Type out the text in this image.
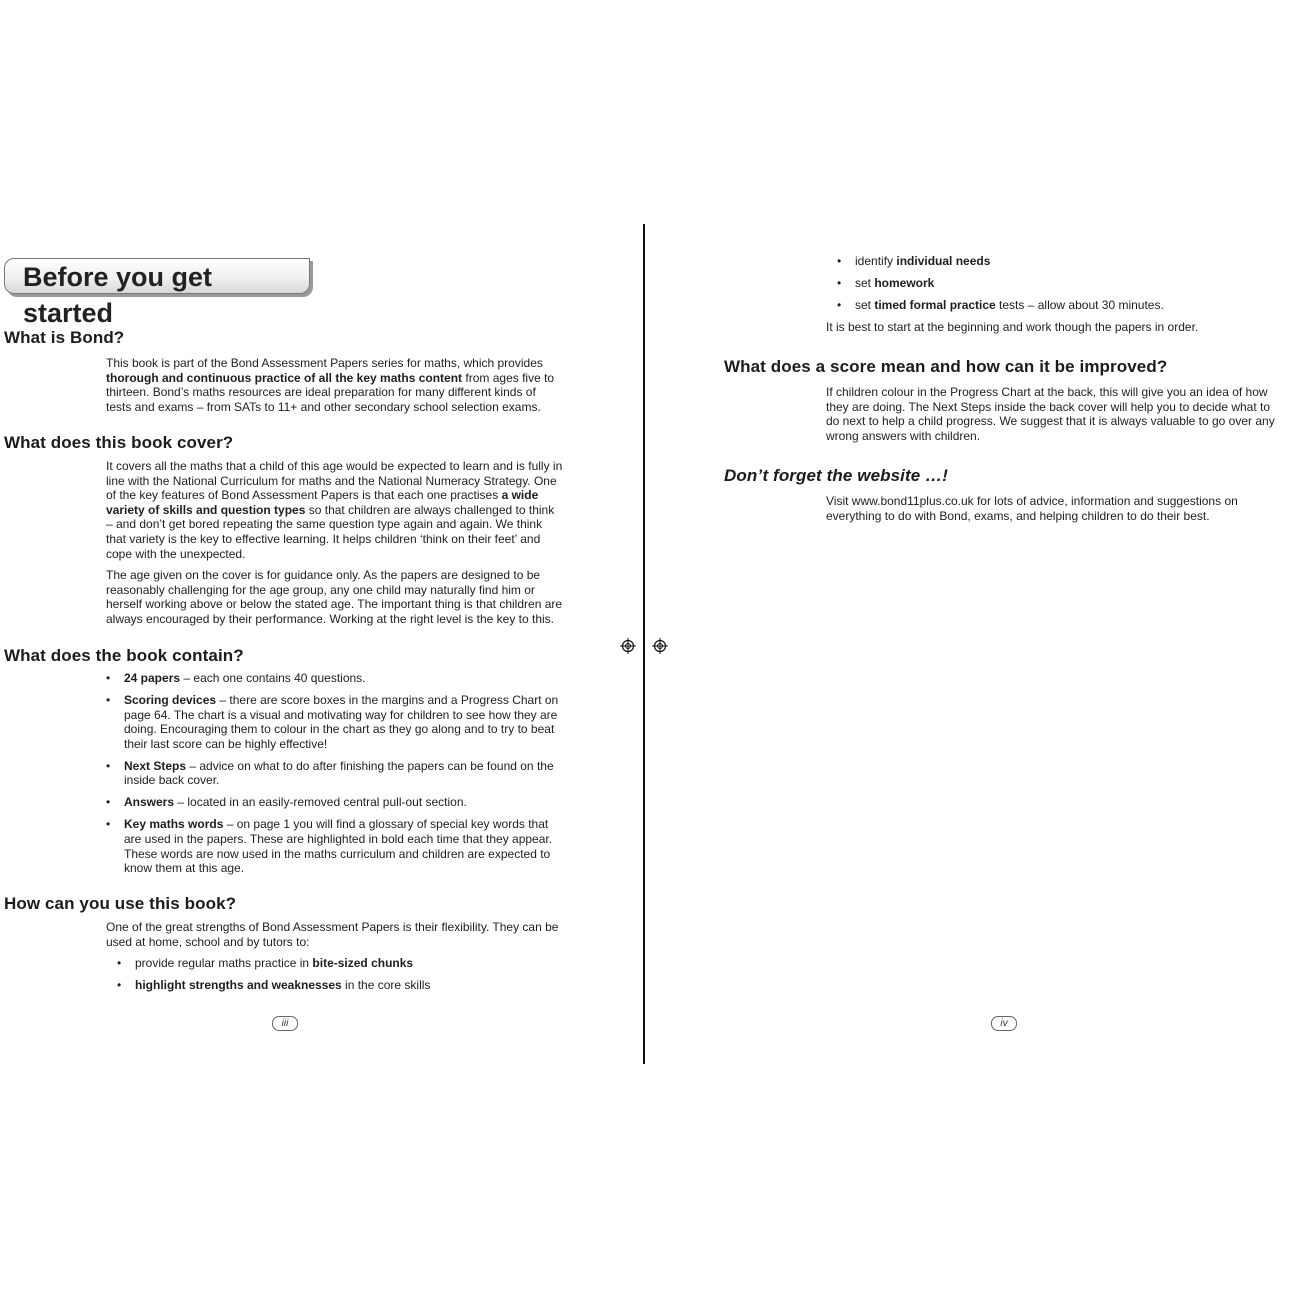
Before you get started
What is Bond?

This book is part of the Bond Assessment Papers series for maths, which provides thorough and continuous practice of all the key maths content from ages five to thirteen. Bond’s maths resources are ideal preparation for many different kinds of tests and exams – from SATs to 11+ and other secondary school selection exams.

What does this book cover?

It covers all the maths that a child of this age would be expected to learn and is fully in line with the National Curriculum for maths and the National Numeracy Strategy. One of the key features of Bond Assessment Papers is that each one practises a wide variety of skills and question types so that children are always challenged to think – and don’t get bored repeating the same question type again and again. We think that variety is the key to effective learning. It helps children ‘think on their feet’ and cope with the unexpected.

The age given on the cover is for guidance only. As the papers are designed to be reasonably challenging for the age group, any one child may naturally find him or herself working above or below the stated age. The important thing is that children are always encouraged by their performance. Working at the right level is the key to this.

What does the book contain?
• 24 papers – each one contains 40 questions.
• Scoring devices – there are score boxes in the margins and a Progress Chart on page 64. The chart is a visual and motivating way for children to see how they are doing. Encouraging them to colour in the chart as they go along and to try to beat their last score can be highly effective!
• Next Steps – advice on what to do after finishing the papers can be found on the inside back cover.
• Answers – located in an easily-removed central pull-out section.
• Key maths words – on page 1 you will find a glossary of special key words that are used in the papers. These are highlighted in bold each time that they appear. These words are now used in the maths curriculum and children are expected to know them at this age.
How can you use this book?

One of the great strengths of Bond Assessment Papers is their flexibility. They can be used at home, school and by tutors to:

• provide regular maths practice in bite-sized chunks
• highlight strengths and weaknesses in the core skills
iii
• identify individual needs
• set homework
• set timed formal practice tests – allow about 30 minutes.

It is best to start at the beginning and work though the papers in order.

What does a score mean and how can it be improved?

If children colour in the Progress Chart at the back, this will give you an idea of how they are doing. The Next Steps inside the back cover will help you to decide what to do next to help a child progress. We suggest that it is always valuable to go over any wrong answers with children.

Don’t forget the website …!

Visit www.bond11plus.co.uk for lots of advice, information and suggestions on everything to do with Bond, exams, and helping children to do their best.

iv
